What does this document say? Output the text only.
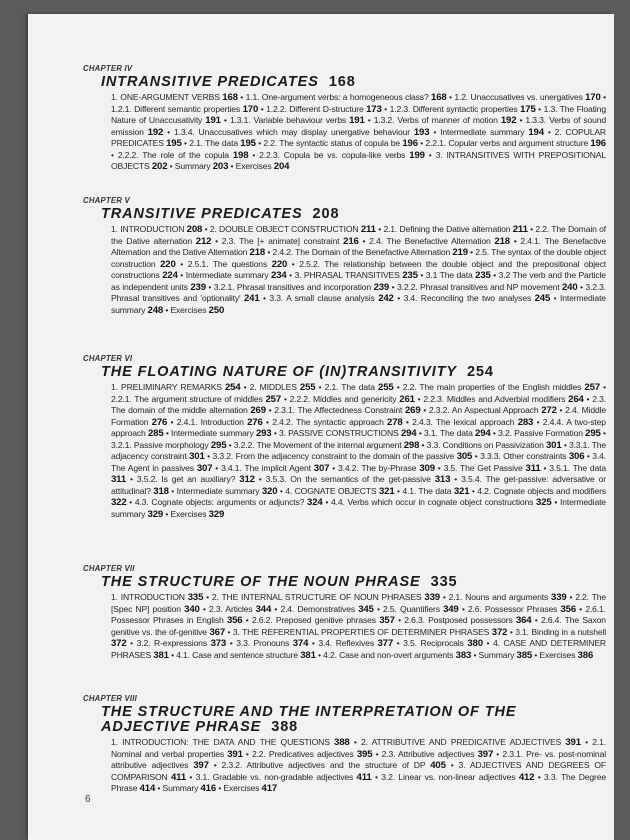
CHAPTER IV
INTRANSITIVE PREDICATES 168
1. ONE-ARGUMENT VERBS 168 • 1.1. One-argument verbs: a homogeneous class? 168 • 1.2. Unaccusatives vs. unergatives 170 • 1.2.1. Different semantic properties 170 • 1.2.2. Different D-structure 173 • 1.2.3. Different syntactic properties 175 • 1.3. The Floating Nature of Unaccusativity 191 • 1.3.1. Variable behaviour verbs 191 • 1.3.2. Verbs of manner of motion 192 • 1.3.3. Verbs of sound emission 192 • 1.3.4. Unaccusatives which may display unergative behaviour 193 • Intermediate summary 194 • 2. COPULAR PREDICATES 195 • 2.1. The data 195 • 2.2. The syntactic status of copula be 196 • 2.2.1. Copular verbs and argument structure 196 • 2.2.2. The role of the copula 198 • 2.2.3. Copula be vs. copula-like verbs 199 • 3. INTRANSITIVES WITH PREPOSITIONAL OBJECTS 202 • Summary 203 • Exercises 204
CHAPTER V
TRANSITIVE PREDICATES 208
1. INTRODUCTION 208 • 2. DOUBLE OBJECT CONSTRUCTION 211 • 2.1. Defining the Dative alternation 211 • 2.2. The Domain of the Dative alternation 212 • 2.3. The [+ animate] constraint 216 • 2.4. The Benefactive Alternation 218 • 2.4.1. The Benefactive Alternation and the Dative Alternation 218 • 2.4.2. The Domain of the Benefactive Alternation 219 • 2.5. The syntax of the double object construction 220 • 2.5.1. The questions 220 • 2.5.2. The relationship between the double object and the prepositional object constructions 224 • Intermediate summary 234 • 3. PHRASAL TRANSITIVES 235 • 3.1 The data 235 • 3.2 The verb and the Particle as independent units 239 • 3.2.1. Phrasal transitives and incorporation 239 • 3.2.2. Phrasal transitives and NP movement 240 • 3.2.3. Phrasal transitives and 'optionality' 241 • 3.3. A small clause analysis 242 • 3.4. Reconciling the two analyses 245 • Intermediate summary 248 • Exercises 250
CHAPTER VI
THE FLOATING NATURE OF (IN)TRANSITIVITY 254
1. PRELIMINARY REMARKS 254 • 2. MIDDLES 255 • 2.1. The data 255 • 2.2. The main properties of the English middles 257 • 2.2.1. The argument structure of middles 257 • 2.2.2. Middles and genericity 261 • 2.2.3. Middles and Adverbial modifiers 264 • 2.3. The domain of the middle alternation 269 • 2.3.1. The Affectedness Constraint 269 • 2.3.2. An Aspectual Approach 272 • 2.4. Middle Formation 276 • 2.4.1. Introduction 276 • 2.4.2. The syntactic approach 278 • 2.4.3. The lexical approach 283 • 2.4.4. A two-step approach 285 • Intermediate summary 293 • 3. PASSIVE CONSTRUCTIONS 294 • 3.1. The data 294 • 3.2. Passive Formation 295 • 3.2.1. Passive morphology 295 • 3.2.2. The Movement of the internal argument 298 • 3.3. Conditions on Passivization 301 • 3.3.1. The adjacency constraint 301 • 3.3.2. From the adjacency constraint to the domain of the passive 305 • 3.3.3. Other constraints 306 • 3.4. The Agent in passives 307 • 3.4.1. The implicit Agent 307 • 3.4.2. The by-Phrase 309 • 3.5. The Get Passive 311 • 3.5.1. The data 311 • 3.5.2. Is get an auxiliary? 312 • 3.5.3. On the semantics of the get-passive 313 • 3.5.4. The get-passive: adversative or attitudinal? 318 • Intermediate summary 320 • 4. COGNATE OBJECTS 321 • 4.1. The data 321 • 4.2. Cognate objects and modifiers 322 • 4.3. Cognate objects: arguments or adjuncts? 324 • 4.4. Verbs which occur in cognate object constructions 325 • Intermediate summary 329 • Exercises 329
CHAPTER VII
THE STRUCTURE OF THE NOUN PHRASE 335
1. INTRODUCTION 335 • 2. THE INTERNAL STRUCTURE OF NOUN PHRASES 339 • 2.1. Nouns and arguments 339 • 2.2. The [Spec NP] position 340 • 2.3. Articles 344 • 2.4. Demonstratives 345 • 2.5. Quantifiers 349 • 2.6. Possessor Phrases 356 • 2.6.1. Possessor Phrases in English 356 • 2.6.2. Preposed genitive phrases 357 • 2.6.3. Postposed possessors 364 • 2.6.4. The Saxon genitive vs. the of-genitive 367 • 3. THE REFERENTIAL PROPERTIES OF DETERMINER PHRASES 372 • 3.1. Binding in a nutshell 372 • 3.2. R-expressions 373 • 3.3. Pronouns 374 • 3.4. Reflexives 377 • 3.5. Reciprocals 380 • 4. CASE AND DETERMINER PHRASES 381 • 4.1. Case and sentence structure 381 • 4.2. Case and non-overt arguments 383 • Summary 385 • Exercises 386
CHAPTER VIII
THE STRUCTURE AND THE INTERPRETATION OF THE ADJECTIVE PHRASE 388
1. INTRODUCTION: THE DATA AND THE QUESTIONS 388 • 2. ATTRIBUTIVE AND PREDICATIVE ADJECTIVES 391 • 2.1. Nominal and verbal properties 391 • 2.2. Predicatives adjectives 395 • 2.3. Attributive adjectives 397 • 2.3.1. Pre- vs. post-nominal attributive adjectives 397 • 2.3.2. Attributive adjectives and the structure of DP 405 • 3. ADJECTIVES AND DEGREES OF COMPARISON 411 • 3.1. Gradable vs. non-gradable adjectives 411 • 3.2. Linear vs. non-linear adjectives 412 • 3.3. The Degree Phrase 414 • Summary 416 • Exercises 417
6
